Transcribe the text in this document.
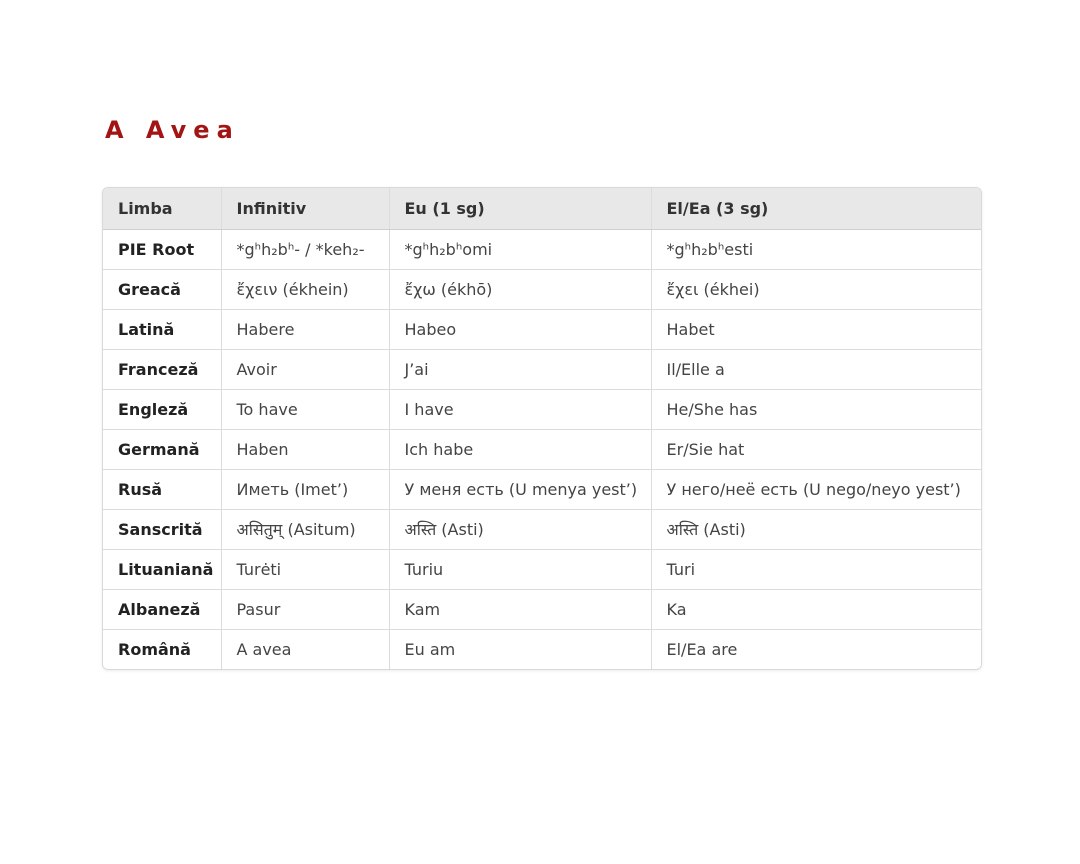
A Avea
Limba	Infinitiv	Eu (1 sg)	El/Ea (3 sg)
PIE Root	*gʰh₂bʰ- / *keh₂-	*gʰh₂bʰomi	*gʰh₂bʰesti
Greacă	ἔχειν (ékhein)	ἔχω (ékhō)	ἔχει (ékhei)
Latină	Habere	Habeo	Habet
Franceză	Avoir	J’ai	Il/Elle a
Engleză	To have	I have	He/She has
Germană	Haben	Ich habe	Er/Sie hat
Rusă	Иметь (Imet’)	У меня есть (U menya yest’)	У него/неё есть (U nego/neyo yest’)
Sanscrită	असितुम् (Asitum)	अस्ति (Asti)	अस्ति (Asti)
Lituaniană	Turėti	Turiu	Turi
Albaneză	Pasur	Kam	Ka
Română	A avea	Eu am	El/Ea are
